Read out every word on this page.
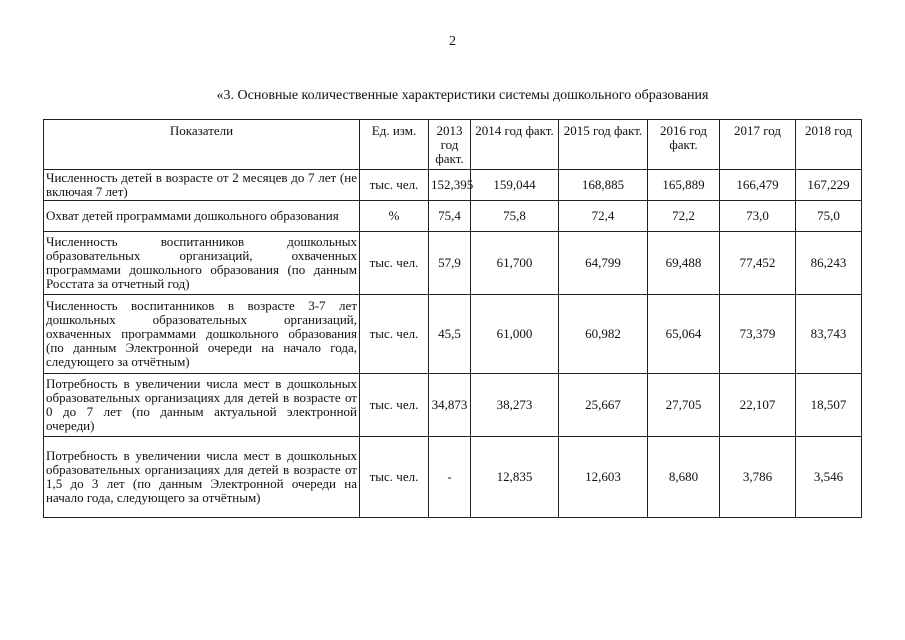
2
«3. Основные количественные характеристики системы дошкольного образования
Показатели	Ед. изм.	2013 год факт.	2014 год факт.	2015 год факт.	2016 год факт.	2017 год	2018 год
Численность детей в возрасте от 2 месяцев до 7 лет (не включая 7 лет)	тыс. чел.	152,395	159,044	168,885	165,889	166,479	167,229
Охват детей программами дошкольного образования	%	75,4	75,8	72,4	72,2	73,0	75,0
Численность воспитанников дошкольных образовательных организаций, охваченных программами дошкольного образования (по данным Росстата за отчетный год)	тыс. чел.	57,9	61,700	64,799	69,488	77,452	86,243
Численность воспитанников в возрасте 3-7 лет дошкольных образовательных организаций, охваченных программами дошкольного образования (по данным Электронной очереди на начало года, следующего за отчётным)	тыс. чел.	45,5	61,000	60,982	65,064	73,379	83,743
Потребность в увеличении числа мест в дошкольных образовательных организациях для детей в возрасте от 0 до 7 лет (по данным актуальной электронной очереди)	тыс. чел.	34,873	38,273	25,667	27,705	22,107	18,507
Потребность в увеличении числа мест в дошкольных образовательных организациях для детей в возрасте от 1,5 до 3 лет (по данным Электронной очереди на начало года, следующего за отчётным)	тыс. чел.	-	12,835	12,603	8,680	3,786	3,546
